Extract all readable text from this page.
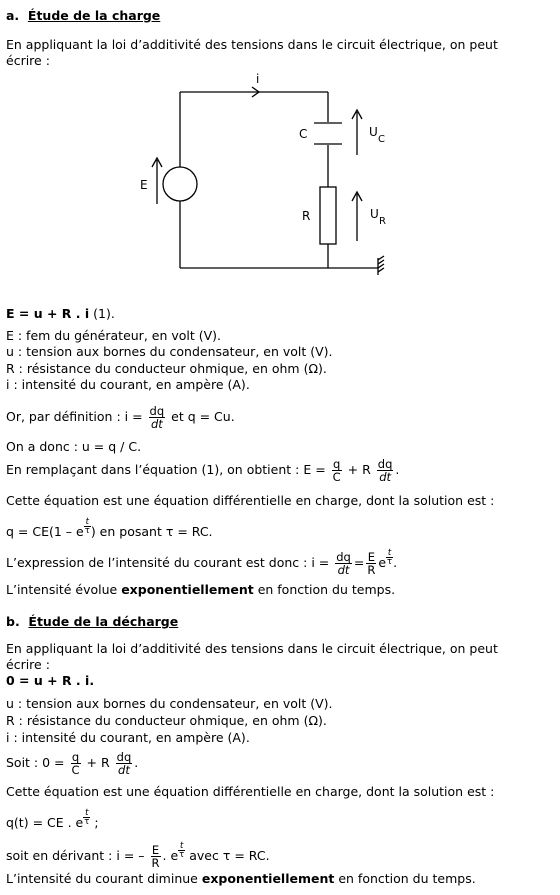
a. Étude de la charge
En appliquant la loi d’additivité des tensions dans le circuit électrique, on peut
écrire :
i
C
R
E
U
C
U
R
E = u + R . i (1).
E : fem du générateur, en volt (V).
u : tension aux bornes du condensateur, en volt (V).
R : résistance du conducteur ohmique, en ohm (Ω).
i : intensité du courant, en ampère (A).
Or, par définition : $i = \frac{dq}{dt}$ et q = Cu.
On a donc : u = q / C.
En remplaçant dans l’équation (1), on obtient : $E = \frac{q}{C} + R \frac{dq}{dt}$ .
Cette équation est une équation différentielle en charge, dont la solution est :
q = CE(1 – e $^{\frac{t}{\tau}}$ ) en posant τ = RC.
L’expression de l’intensité du courant est donc : $i = \frac{dq}{dt} = \frac{E}{R}$ e $^{\frac{t}{\tau}}$ .
L’intensité évolue exponentiellement en fonction du temps.
b. Étude de la décharge
En appliquant la loi d’additivité des tensions dans le circuit électrique, on peut
écrire :
0 = u + R . i.
u : tension aux bornes du condensateur, en volt (V).
R : résistance du conducteur ohmique, en ohm (Ω).
i : intensité du courant, en ampère (A).
Soit : $0 = \frac{q}{C} + R \frac{dq}{dt}$ .
Cette équation est une équation différentielle en charge, dont la solution est :
q(t) = CE . e $^{\frac{t}{\tau}}$ ;
soit en dérivant : i = – $\frac{E}{R}$ . e $^{\frac{t}{\tau}}$ avec τ = RC.
L’intensité du courant diminue exponentiellement en fonction du temps.
